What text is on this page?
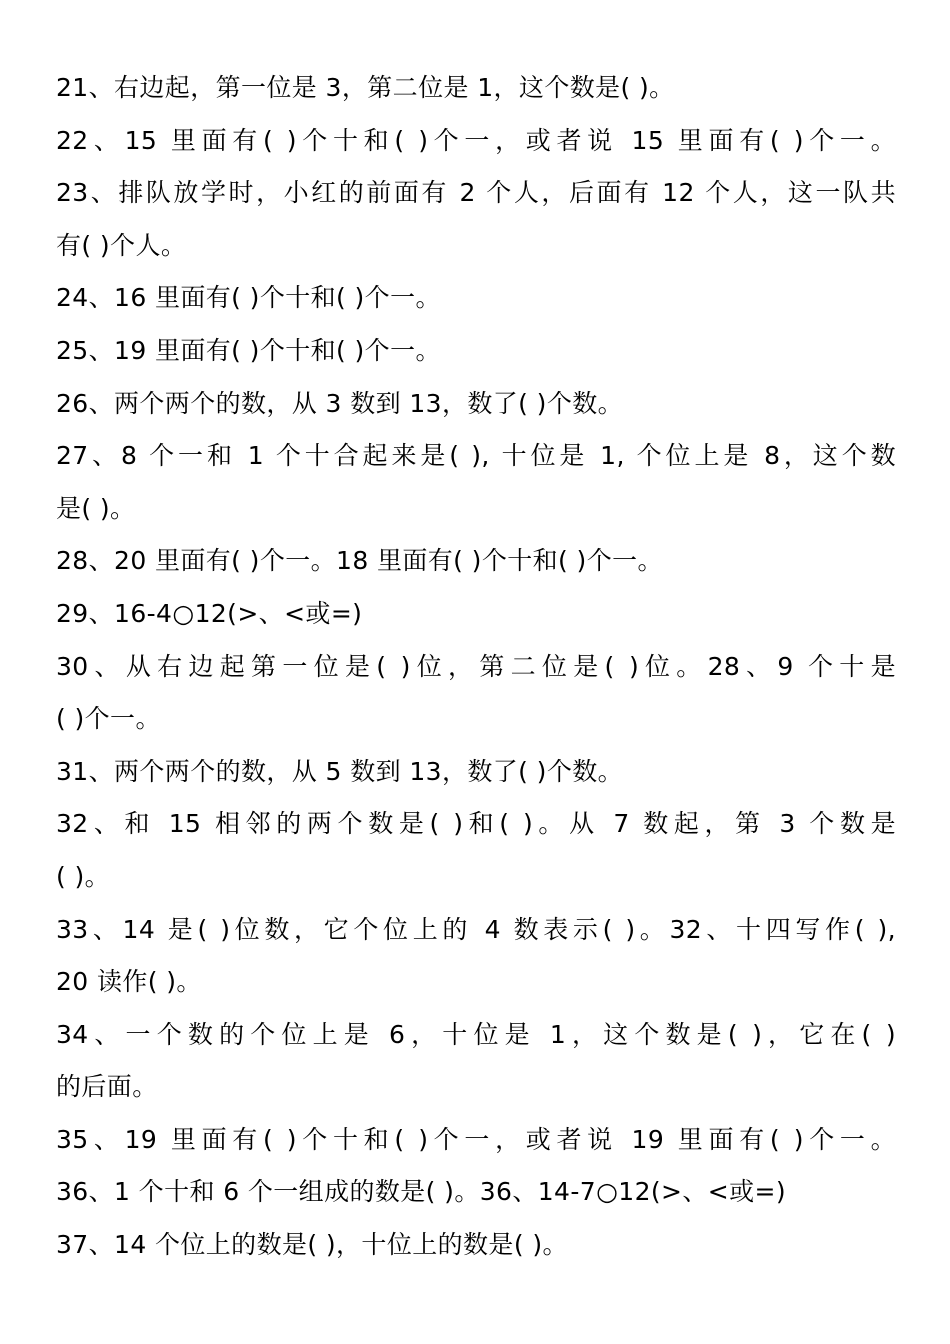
21、右边起，第一位是 3，第二位是 1，这个数是( )。
22、15 里面有( )个十和( )个一，或者说 15 里面有( )个一。
23、排队放学时，小红的前面有 2 个人，后面有 12 个人，这一队共
有( )个人。
24、16 里面有( )个十和( )个一。
25、19 里面有( )个十和( )个一。
26、两个两个的数，从 3 数到 13，数了( )个数。
27、8 个一和 1 个十合起来是( ), 十位是 1, 个位上是 8，这个数
是( )。
28、20 里面有( )个一。18 里面有( )个十和( )个一。
29、16-4○12(>、<或=)
30、从右边起第一位是( )位，第二位是( )位。28、9 个十是
( )个一。
31、两个两个的数，从 5 数到 13，数了( )个数。
32、和 15 相邻的两个数是( )和( )。从 7 数起，第 3 个数是
( )。
33、14 是( )位数，它个位上的 4 数表示( )。32、十四写作( ),
20 读作( )。
34、一个数的个位上是 6，十位是 1，这个数是( )，它在( )
的后面。
35、19 里面有( )个十和( )个一，或者说 19 里面有( )个一。
36、1 个十和 6 个一组成的数是( )。36、14-7○12(>、<或=)
37、14 个位上的数是( )，十位上的数是( )。
